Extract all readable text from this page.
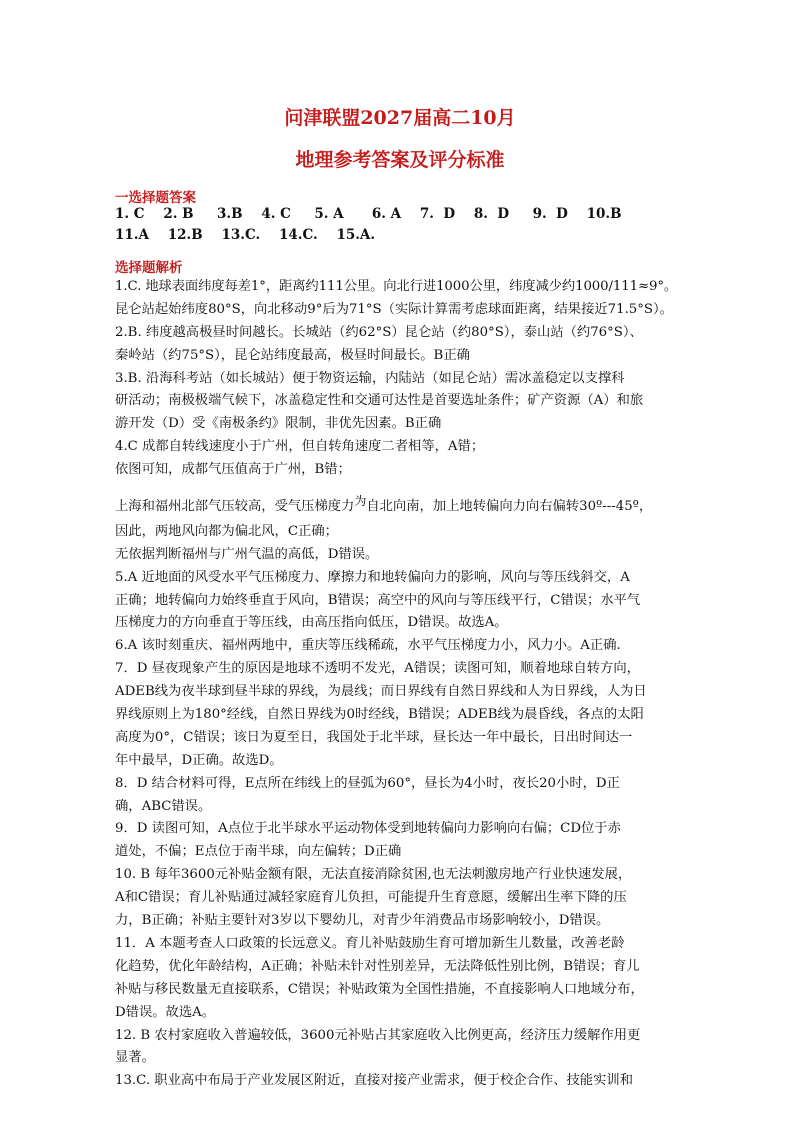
问津联盟2027届高二10月
地理参考答案及评分标准
一选择题答案
1. C    2. B     3.B    4. C     5. A      6. A    7.  D    8.  D     9.  D    10.B
11.A    12.B    13.C.    14.C.    15.A.
选择题解析
1.C. 地球表面纬度每差1°，距离约111公里。向北行进1000公里，纬度减少约1000/111≈9°。
昆仑站起始纬度80°S，向北移动9°后为71°S（实际计算需考虑球面距离，结果接近71.5°S）。
2.B. 纬度越高极昼时间越长。长城站（约62°S）昆仑站（约80°S），泰山站（约76°S）、
秦岭站（约75°S），昆仑站纬度最高，极昼时间最长。B正确
3.B. 沿海科考站（如长城站）便于物资运输，内陆站（如昆仑站）需冰盖稳定以支撑科
研活动；南极极端气候下，冰盖稳定性和交通可达性是首要选址条件；矿产资源（A）和旅
游开发（D）受《南极条约》限制，非优先因素。B正确
4.C 成都自转线速度小于广州，但自转角速度二者相等，A错；
依图可知，成都气压值高于广州，B错；
上海和福州北部气压较高，受气压梯度力$^为$自北向南，加上地转偏向力向右偏转30º---45º，
因此，两地风向都为偏北风，C正确；
无依据判断福州与广州气温的高低，D错误。
5.A 近地面的风受水平气压梯度力、摩擦力和地转偏向力的影响，风向与等压线斜交，A
正确；地转偏向力始终垂直于风向，B错误；高空中的风向与等压线平行，C错误；水平气
压梯度力的方向垂直于等压线，由高压指向低压，D错误。故选A。
6.A 该时刻重庆、福州两地中，重庆等压线稀疏，水平气压梯度力小，风力小。A正确.
7．D 昼夜现象产生的原因是地球不透明不发光，A错误；读图可知，顺着地球自转方向，
ADEB线为夜半球到昼半球的界线，为晨线；而日界线有自然日界线和人为日界线，人为日
界线原则上为180°经线，自然日界线为0时经线，B错误；ADEB线为晨昏线，各点的太阳
高度为0°，C错误；该日为夏至日，我国处于北半球，昼长达一年中最长，日出时间达一
年中最早，D正确。故选D。
8．D 结合材料可得，E点所在纬线上的昼弧为60°，昼长为4小时，夜长20小时，D正
确，ABC错误。
9．D 读图可知，A点位于北半球水平运动物体受到地转偏向力影响向右偏；CD位于赤
道处，不偏；E点位于南半球，向左偏转；D正确
10. B 每年3600元补贴金额有限，无法直接消除贫困,也无法刺激房地产行业快速发展，
A和C错误；育儿补贴通过减轻家庭育儿负担，可能提升生育意愿，缓解出生率下降的压
力，B正确；补贴主要针对3岁以下婴幼儿，对青少年消费品市场影响较小，D错误。
11．A 本题考查人口政策的长远意义。育儿补贴鼓励生育可增加新生儿数量，改善老龄
化趋势，优化年龄结构，A正确；补贴未针对性别差异，无法降低性别比例，B错误；育儿
补贴与移民数量无直接联系，C错误；补贴政策为全国性措施，不直接影响人口地域分布，
D错误。故选A。
12. B 农村家庭收入普遍较低，3600元补贴占其家庭收入比例更高，经济压力缓解作用更
显著。
13.C. 职业高中布局于产业发展区附近，直接对接产业需求，便于校企合作、技能实训和
